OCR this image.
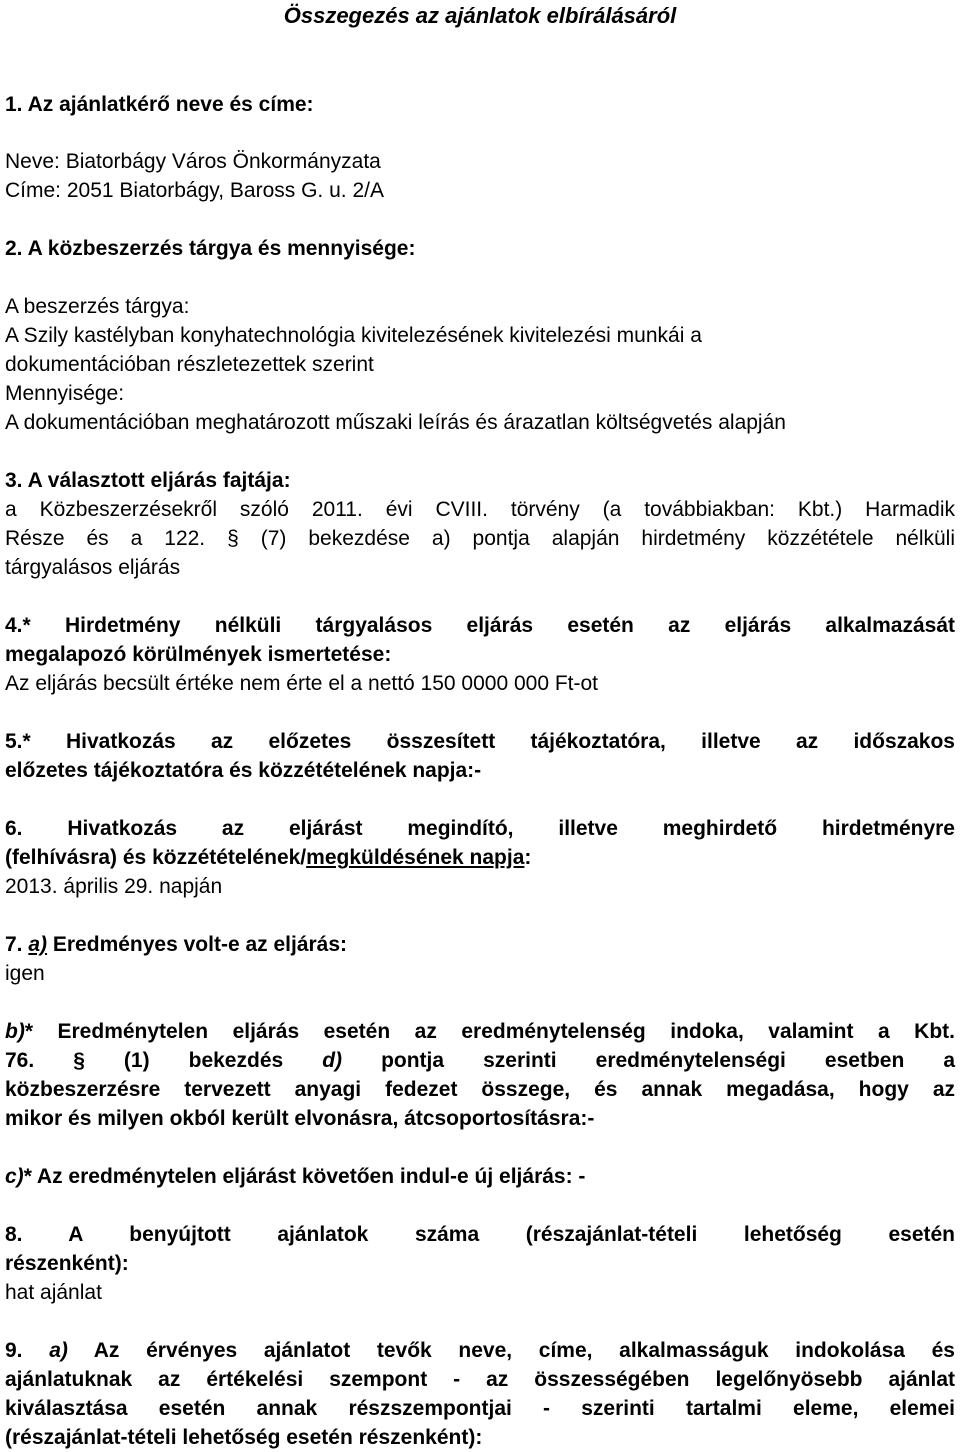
Összegezés az ajánlatok elbírálásáról
1. Az ajánlatkérő neve és címe:
Neve: Biatorbágy Város Önkormányzata
Címe: 2051 Biatorbágy, Baross G. u. 2/A
2. A közbeszerzés tárgya és mennyisége:
A beszerzés tárgya:
A Szily kastélyban konyhatechnológia kivitelezésének kivitelezési munkái a
dokumentációban részletezettek szerint
Mennyisége:
A dokumentációban meghatározott műszaki leírás és árazatlan költségvetés alapján
3. A választott eljárás fajtája:
a Közbeszerzésekről szóló 2011. évi CVIII. törvény (a továbbiakban: Kbt.) Harmadik
Része és a 122. § (7) bekezdése a) pontja alapján hirdetmény közzététele nélküli
tárgyalásos eljárás
4.* Hirdetmény nélküli tárgyalásos eljárás esetén az eljárás alkalmazását
megalapozó körülmények ismertetése:
Az eljárás becsült értéke nem érte el a nettó 150 0000 000 Ft-ot
5.* Hivatkozás az előzetes összesített tájékoztatóra, illetve az időszakos
előzetes tájékoztatóra és közzétételének napja:-
6. Hivatkozás az eljárást megindító, illetve meghirdető hirdetményre
(felhívásra) és közzétételének/megküldésének napja:
2013. április 29. napján
7. a) Eredményes volt-e az eljárás:
igen
b)* Eredménytelen eljárás esetén az eredménytelenség indoka, valamint a Kbt.
76. § (1) bekezdés d) pontja szerinti eredménytelenségi esetben a
közbeszerzésre tervezett anyagi fedezet összege, és annak megadása, hogy az
mikor és milyen okból került elvonásra, átcsoportosításra:-
c)* Az eredménytelen eljárást követően indul-e új eljárás: -
8. A benyújtott ajánlatok száma (részajánlat-tételi lehetőség esetén
részenként):
hat ajánlat
9. a) Az érvényes ajánlatot tevők neve, címe, alkalmasságuk indokolása és
ajánlatuknak az értékelési szempont - az összességében legelőnyösebb ajánlat
kiválasztása esetén annak részszempontjai - szerinti tartalmi eleme, elemei
(részajánlat-tételi lehetőség esetén részenként):
